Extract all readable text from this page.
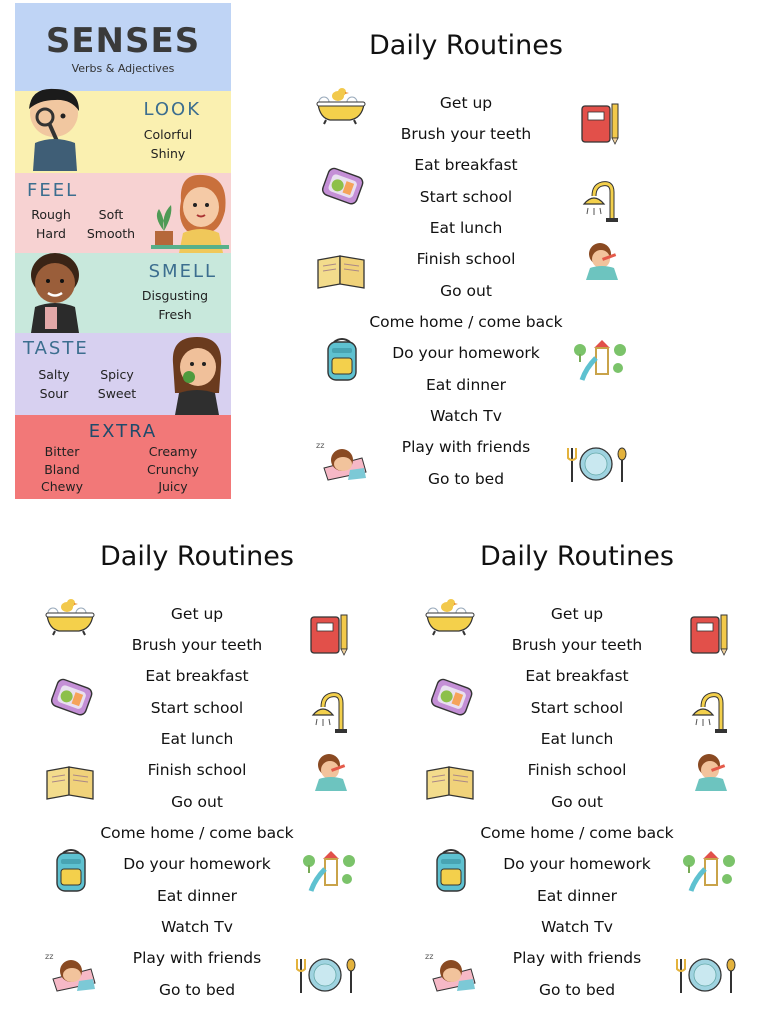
SENSES
Verbs & Adjectives
LOOK
Colorful
Shiny
FEEL
Rough	Soft
Hard	Smooth
SMELL
Disgusting
Fresh
TASTE
Salty	Spicy
Sour	Sweet
EXTRA
Bitter	Creamy
Bland	Crunchy
Chewy	Juicy
Daily Routines
Get up
Brush your teeth
Eat breakfast
Start school
Eat lunch
Finish school
Go out
Come home / come back
Do your homework
Eat dinner
Watch Tv
Play with friends
Go to bed
Daily Routines
Get up
Brush your teeth
Eat breakfast
Start school
Eat lunch
Finish school
Go out
Come home / come back
Do your homework
Eat dinner
Watch Tv
Play with friends
Go to bed
Daily Routines
Get up
Brush your teeth
Eat breakfast
Start school
Eat lunch
Finish school
Go out
Come home / come back
Do your homework
Eat dinner
Watch Tv
Play with friends
Go to bed
